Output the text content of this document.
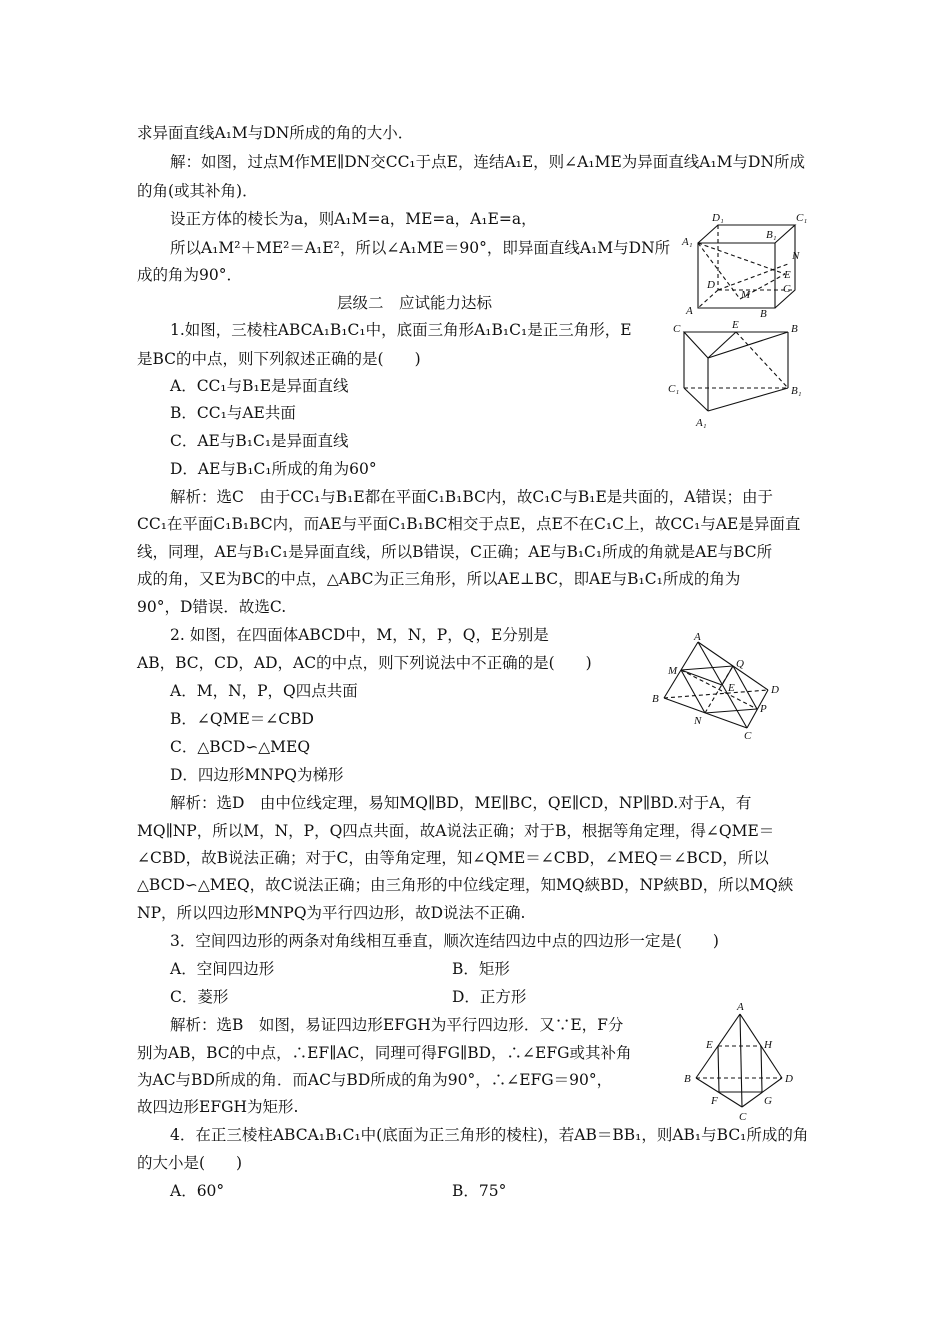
求异面直线A₁M与DN所成的角的大小．
解：如图，过点M作ME∥DN交CC₁于点E，连结A₁E，则∠A₁ME为异面直线A₁M与DN所成
的角(或其补角)．
设正方体的棱长为a，则A₁M=a，ME=a，A₁E=a，
所以A₁M²＋ME²＝A₁E²，所以∠A₁ME＝90°，即异面直线A₁M与DN所
成的角为90°．
层级二　应试能力达标
1.如图，三棱柱ABCA₁B₁C₁中，底面三角形A₁B₁C₁是正三角形，E
是BC的中点，则下列叙述正确的是(　　)
A．CC₁与B₁E是异面直线
B．CC₁与AE共面
C．AE与B₁C₁是异面直线
D．AE与B₁C₁所成的角为60°
解析：选C　由于CC₁与B₁E都在平面C₁B₁BC内，故C₁C与B₁E是共面的，A错误；由于
CC₁在平面C₁B₁BC内，而AE与平面C₁B₁BC相交于点E，点E不在C₁C上，故CC₁与AE是异面直
线，同理，AE与B₁C₁是异面直线，所以B错误，C正确；AE与B₁C₁所成的角就是AE与BC所
成的角，又E为BC的中点，△ABC为正三角形，所以AE⊥BC，即AE与B₁C₁所成的角为
90°，D错误．故选C.
2. 如图，在四面体ABCD中，M，N，P，Q，E分别是
AB，BC，CD，AD，AC的中点，则下列说法中不正确的是(　　)
A．M，N，P，Q四点共面
B．∠QME＝∠CBD
C．△BCD∽△MEQ
D．四边形MNPQ为梯形
解析：选D　由中位线定理，易知MQ∥BD，ME∥BC，QE∥CD，NP∥BD.对于A，有
MQ∥NP，所以M，N，P，Q四点共面，故A说法正确；对于B，根据等角定理，得∠QME＝
∠CBD，故B说法正确；对于C，由等角定理，知∠QME＝∠CBD，∠MEQ＝∠BCD，所以
△BCD∽△MEQ，故C说法正确；由三角形的中位线定理，知MQ綊BD，NP綊BD，所以MQ綊
NP，所以四边形MNPQ为平行四边形，故D说法不正确.
3．空间四边形的两条对角线相互垂直，顺次连结四边中点的四边形一定是(　　)
A．空间四边形	B．矩形
C．菱形	D．正方形
解析：选B　如图，易证四边形EFGH为平行四边形．又∵E，F分
别为AB，BC的中点，∴EF∥AC，同理可得FG∥BD，∴∠EFG或其补角
为AC与BD所成的角．而AC与BD所成的角为90°，∴∠EFG＝90°，
故四边形EFGH为矩形.
4．在正三棱柱ABCA₁B₁C₁中(底面为正三角形的棱柱)，若AB＝BB₁，则AB₁与BC₁所成的角
的大小是(　　)
A．60°	B．75°
D₁	C₁
A₁
B₁
N
E
D
M	C
A	B
C	E	B
C₁	B₁
A₁
A
M
Q
E
B
D
N
P
C
A
E	H
B	D
F	G
C
